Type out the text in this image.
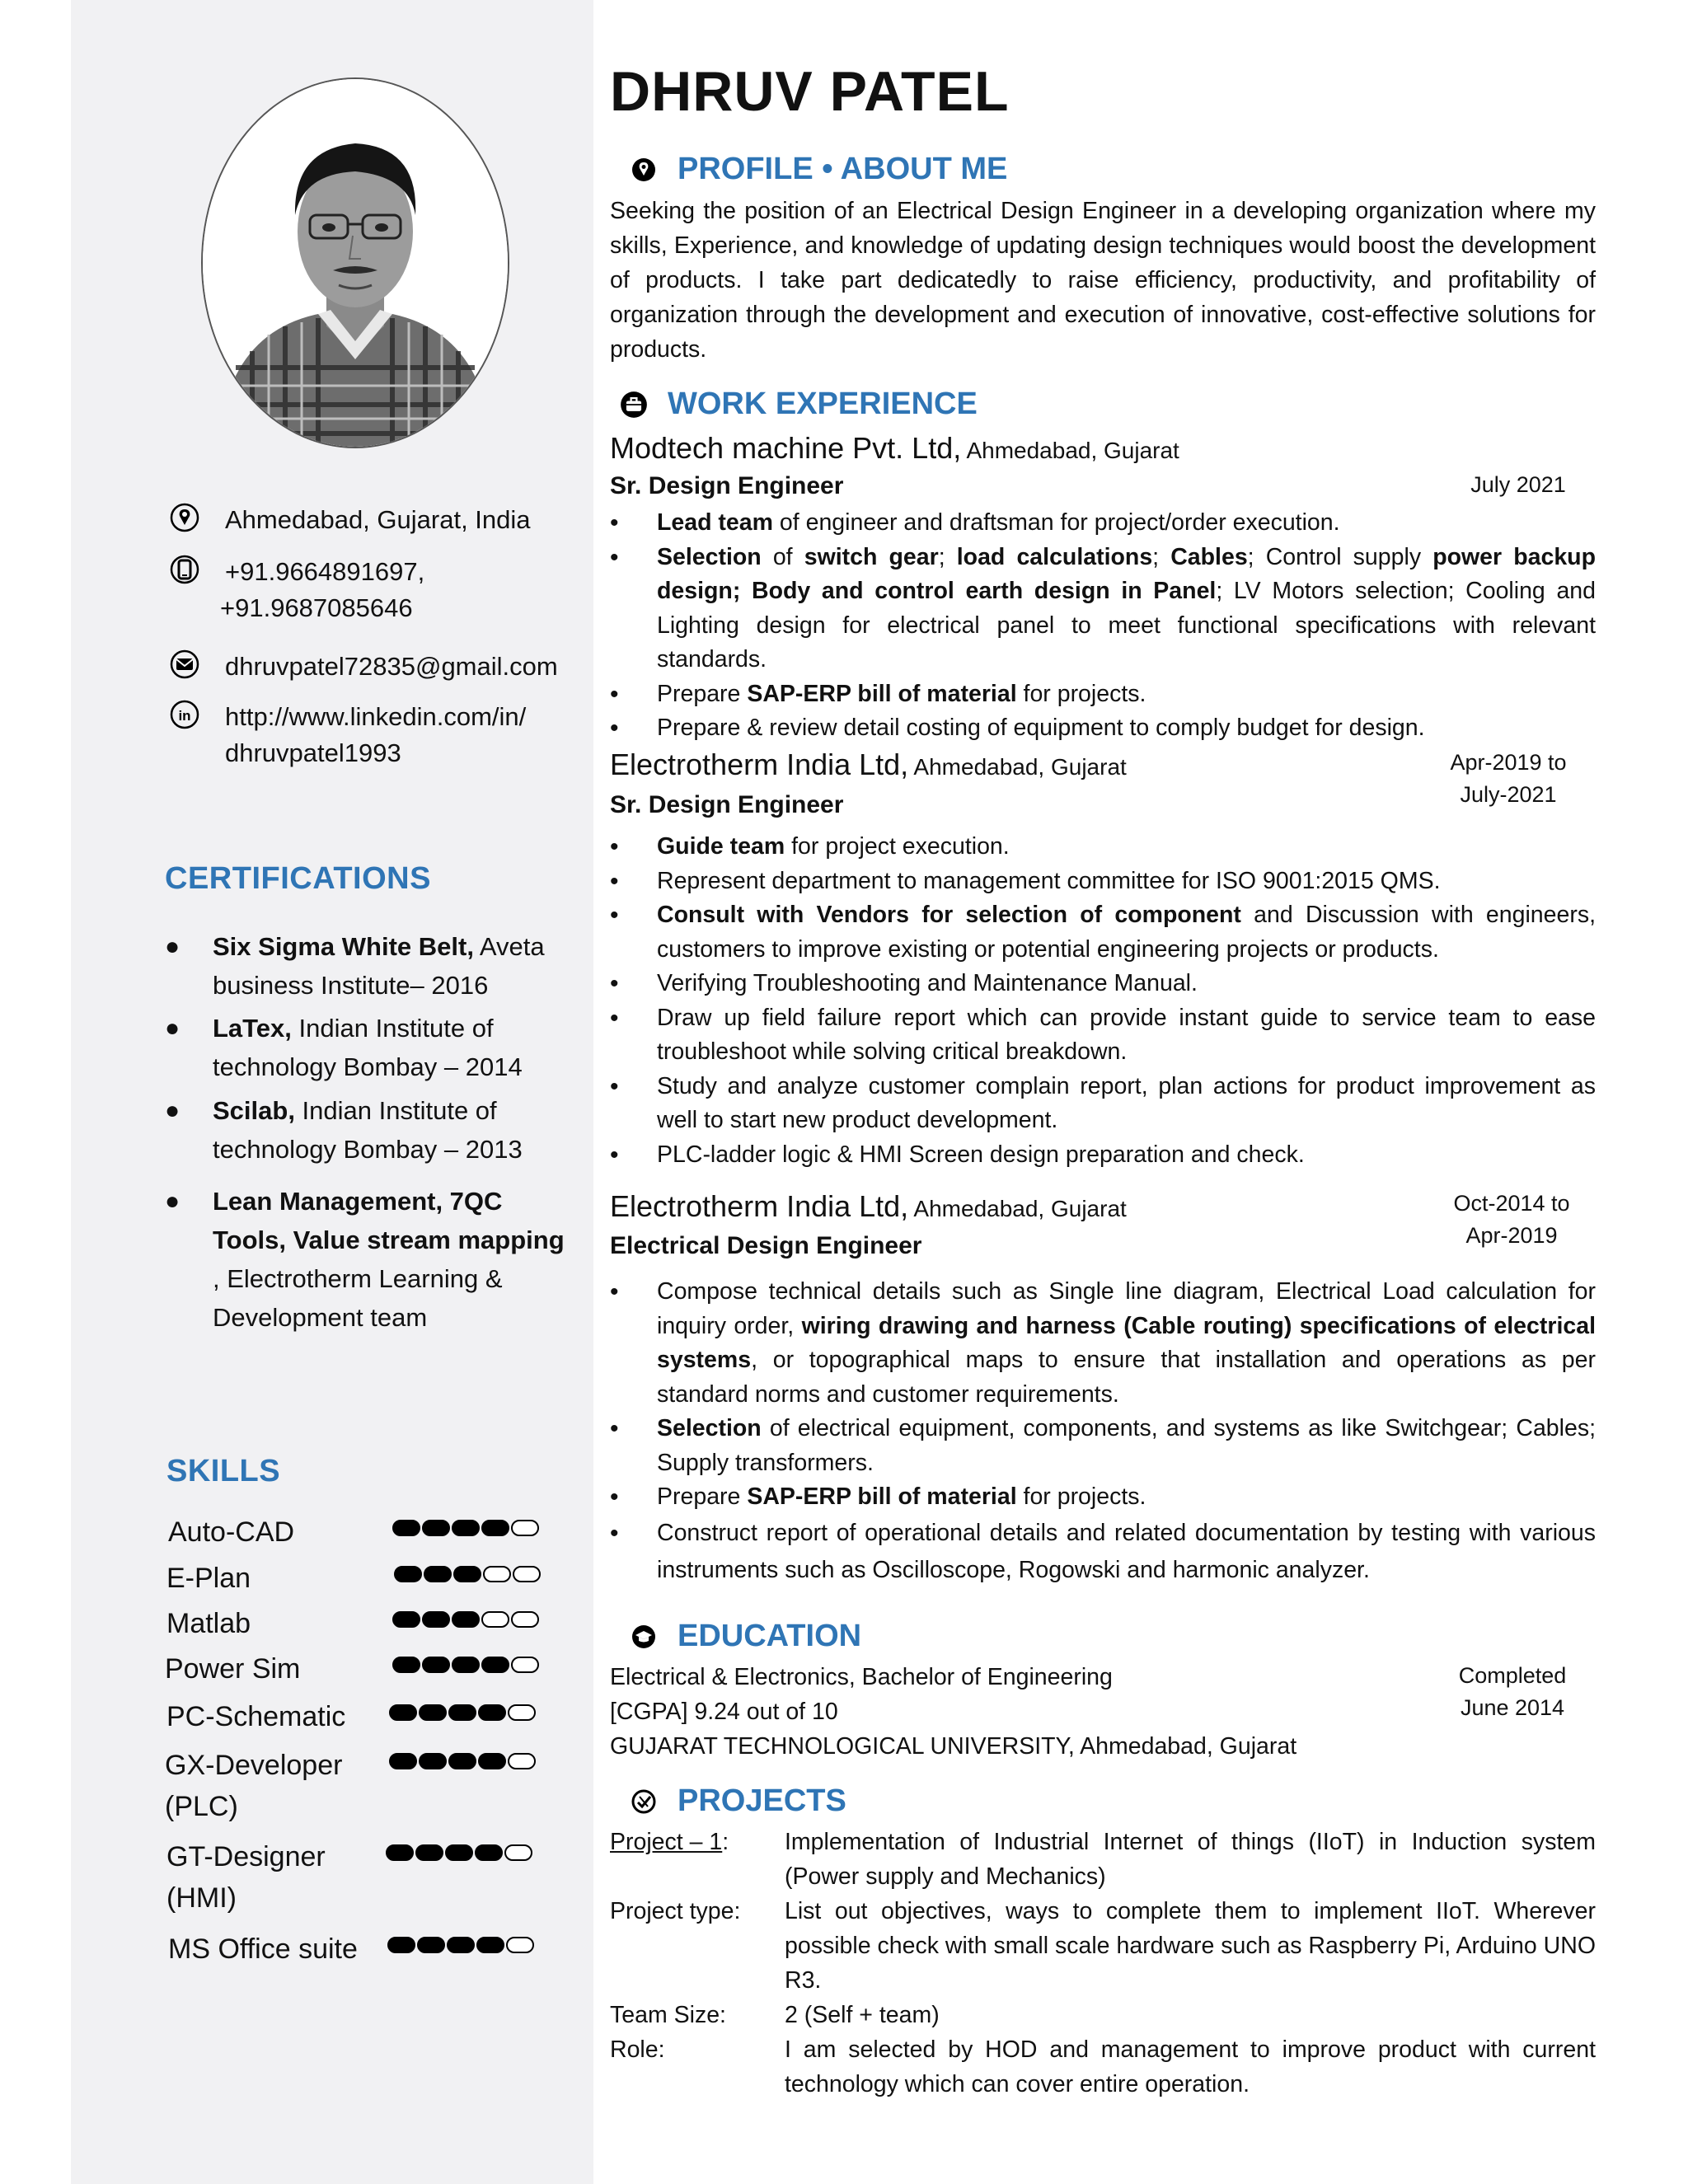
Ahmedabad, Gujarat, India
+91.9664891697,
+91.9687085646
dhruvpatel72835@gmail.com
in http://www.linkedin.com/in/
dhruvpatel1993
CERTIFICATIONS
● Six Sigma White Belt, Aveta business Institute– 2016
● LaTex, Indian Institute of technology Bombay – 2014
● Scilab, Indian Institute of technology Bombay – 2013
● Lean Management, 7QC Tools, Value stream mapping , Electrotherm Learning & Development team
SKILLS
Auto-CAD
E-Plan
Matlab
Power Sim
PC-Schematic
GX-Developer (PLC)
GT-Designer (HMI)
MS Office suite
DHRUV PATEL
PROFILE • ABOUT ME
Seeking the position of an Electrical Design Engineer in a developing organization where my skills, Experience, and knowledge of updating design techniques would boost the development of products. I take part dedicatedly to raise efficiency, productivity, and profitability of organization through the development and execution of innovative, cost-effective solutions for products.
WORK EXPERIENCE
Modtech machine Pvt. Ltd, Ahmedabad, Gujarat
Sr. Design Engineer	July 2021
• Lead team of engineer and draftsman for project/order execution.
• Selection of switch gear; load calculations; Cables; Control supply power backup design; Body and control earth design in Panel; LV Motors selection; Cooling and Lighting design for electrical panel to meet functional specifications with relevant standards.
• Prepare SAP-ERP bill of material for projects.
• Prepare & review detail costing of equipment to comply budget for design.
Electrotherm India Ltd, Ahmedabad, Gujarat
Sr. Design Engineer
Apr-2019 to
July-2021
• Guide team for project execution.
• Represent department to management committee for ISO 9001:2015 QMS.
• Consult with Vendors for selection of component and Discussion with engineers, customers to improve existing or potential engineering projects or products.
• Verifying Troubleshooting and Maintenance Manual.
• Draw up field failure report which can provide instant guide to service team to ease troubleshoot while solving critical breakdown.
• Study and analyze customer complain report, plan actions for product improvement as well to start new product development.
• PLC-ladder logic & HMI Screen design preparation and check.
Electrotherm India Ltd, Ahmedabad, Gujarat
Electrical Design Engineer
Oct-2014 to
Apr-2019
• Compose technical details such as Single line diagram, Electrical Load calculation for inquiry order, wiring drawing and harness (Cable routing) specifications of electrical systems, or topographical maps to ensure that installation and operations as per standard norms and customer requirements.
• Selection of electrical equipment, components, and systems as like Switchgear; Cables; Supply transformers.
• Prepare SAP-ERP bill of material for projects.
• Construct report of operational details and related documentation by testing with various instruments such as Oscilloscope, Rogowski and harmonic analyzer.
EDUCATION
Electrical & Electronics, Bachelor of Engineering
[CGPA] 9.24 out of 10
GUJARAT TECHNOLOGICAL UNIVERSITY, Ahmedabad, Gujarat
Completed
June 2014
PROJECTS
Project – 1: Implementation of Industrial Internet of things (IIoT) in Induction system (Power supply and Mechanics)
Project type: List out objectives, ways to complete them to implement IIoT. Wherever possible check with small scale hardware such as Raspberry Pi, Arduino UNO R3.
Team Size: 2 (Self + team)
Role:	I am selected by HOD and management to improve product with current technology which can cover entire operation.
